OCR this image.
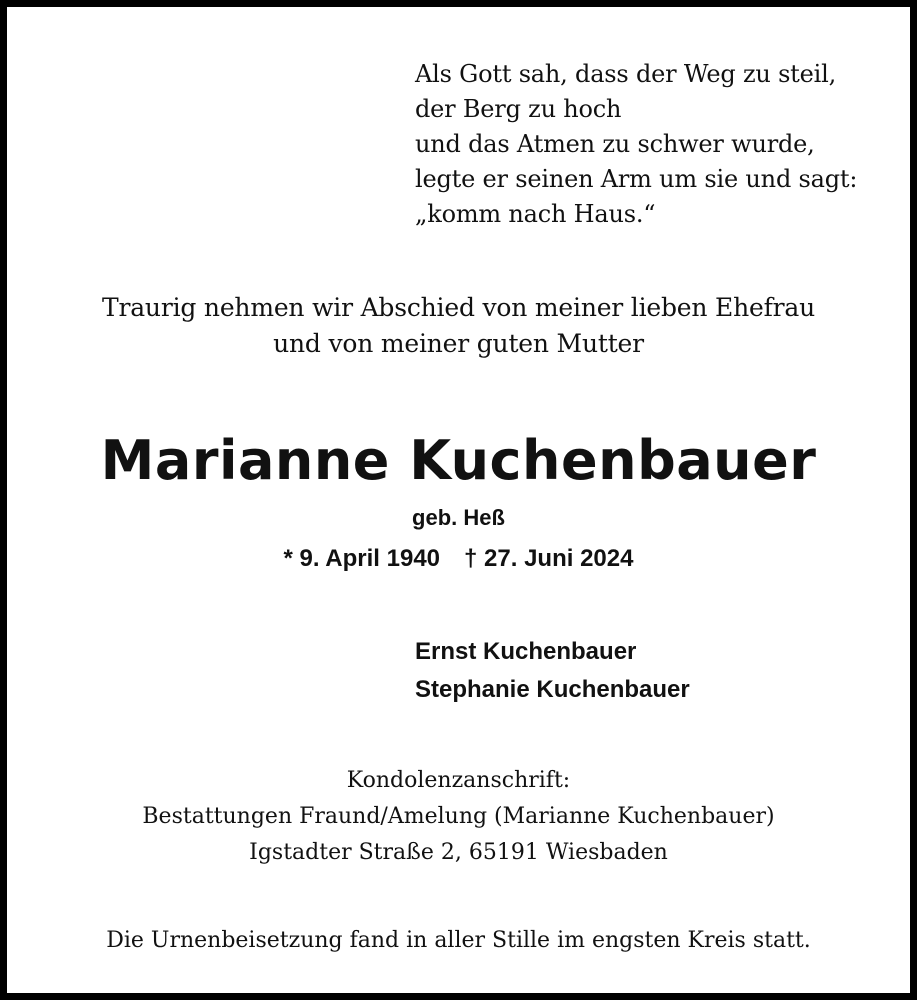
Als Gott sah, dass der Weg zu steil,
der Berg zu hoch
und das Atmen zu schwer wurde,
legte er seinen Arm um sie und sagt:
„komm nach Haus.“
Traurig nehmen wir Abschied von meiner lieben Ehefrau
und von meiner guten Mutter
Marianne Kuchenbauer
geb. Heß
* 9. April 1940 † 27. Juni 2024
Ernst Kuchenbauer
Stephanie Kuchenbauer
Kondolenzanschrift:
Bestattungen Fraund/Amelung (Marianne Kuchenbauer)
Igstadter Straße 2, 65191 Wiesbaden
Die Urnenbeisetzung fand in aller Stille im engsten Kreis statt.
